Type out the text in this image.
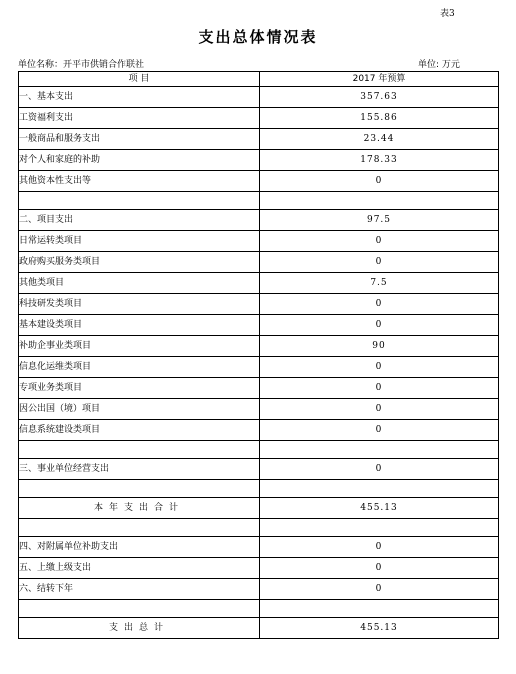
表3
支出总体情况表
单位名称：开平市供销合作联社	单位: 万元
项 目	2017 年预算
一、基本支出	357.63
工资福利支出	155.86
一般商品和服务支出	23.44
对个人和家庭的补助	178.33
其他资本性支出等	0

二、项目支出	97.5
日常运转类项目	0
政府购买服务类项目	0
其他类项目	7.5
科技研发类项目	0
基本建设类项目	0
补助企事业类项目	90
信息化运维类项目	0
专项业务类项目	0
因公出国（境）项目	0
信息系统建设类项目	0

三、事业单位经营支出	0

本年支出合计	455.13

四、对附属单位补助支出	0
五、上缴上级支出	0
六、结转下年	0

支出总计	455.13
